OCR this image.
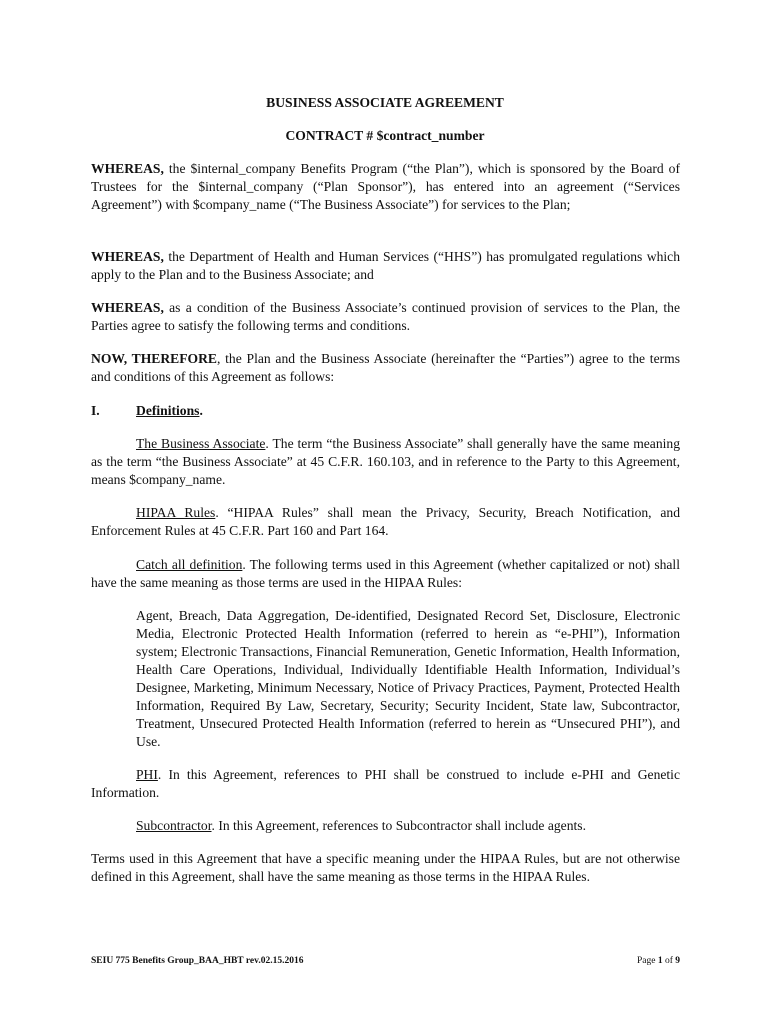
BUSINESS ASSOCIATE AGREEMENT
CONTRACT # $contract_number
WHEREAS, the $internal_company Benefits Program (“the Plan”), which is sponsored by the Board of Trustees for the $internal_company (“Plan Sponsor”), has entered into an agreement (“Services Agreement”) with $company_name (“The Business Associate”) for services to the Plan;
WHEREAS, the Department of Health and Human Services (“HHS”) has promulgated regulations which apply to the Plan and to the Business Associate; and
WHEREAS, as a condition of the Business Associate’s continued provision of services to the Plan, the Parties agree to satisfy the following terms and conditions.
NOW, THEREFORE, the Plan and the Business Associate (hereinafter the “Parties”) agree to the terms and conditions of this Agreement as follows:
I.	Definitions.
The Business Associate. The term “the Business Associate” shall generally have the same meaning as the term “the Business Associate” at 45 C.F.R. 160.103, and in reference to the Party to this Agreement, means $company_name.
HIPAA Rules. “HIPAA Rules” shall mean the Privacy, Security, Breach Notification, and Enforcement Rules at 45 C.F.R. Part 160 and Part 164.
Catch all definition. The following terms used in this Agreement (whether capitalized or not) shall have the same meaning as those terms are used in the HIPAA Rules:
Agent, Breach, Data Aggregation, De-identified, Designated Record Set, Disclosure, Electronic Media, Electronic Protected Health Information (referred to herein as “e-PHI”), Information system; Electronic Transactions, Financial Remuneration, Genetic Information, Health Information, Health Care Operations, Individual, Individually Identifiable Health Information, Individual’s Designee, Marketing, Minimum Necessary, Notice of Privacy Practices, Payment, Protected Health Information, Required By Law, Secretary, Security; Security Incident, State law, Subcontractor, Treatment, Unsecured Protected Health Information (referred to herein as “Unsecured PHI”), and Use.
PHI. In this Agreement, references to PHI shall be construed to include e-PHI and Genetic Information.
Subcontractor. In this Agreement, references to Subcontractor shall include agents.
Terms used in this Agreement that have a specific meaning under the HIPAA Rules, but are not otherwise defined in this Agreement, shall have the same meaning as those terms in the HIPAA Rules.
SEIU 775 Benefits Group_BAA_HBT rev.02.15.2016	Page 1 of 9
